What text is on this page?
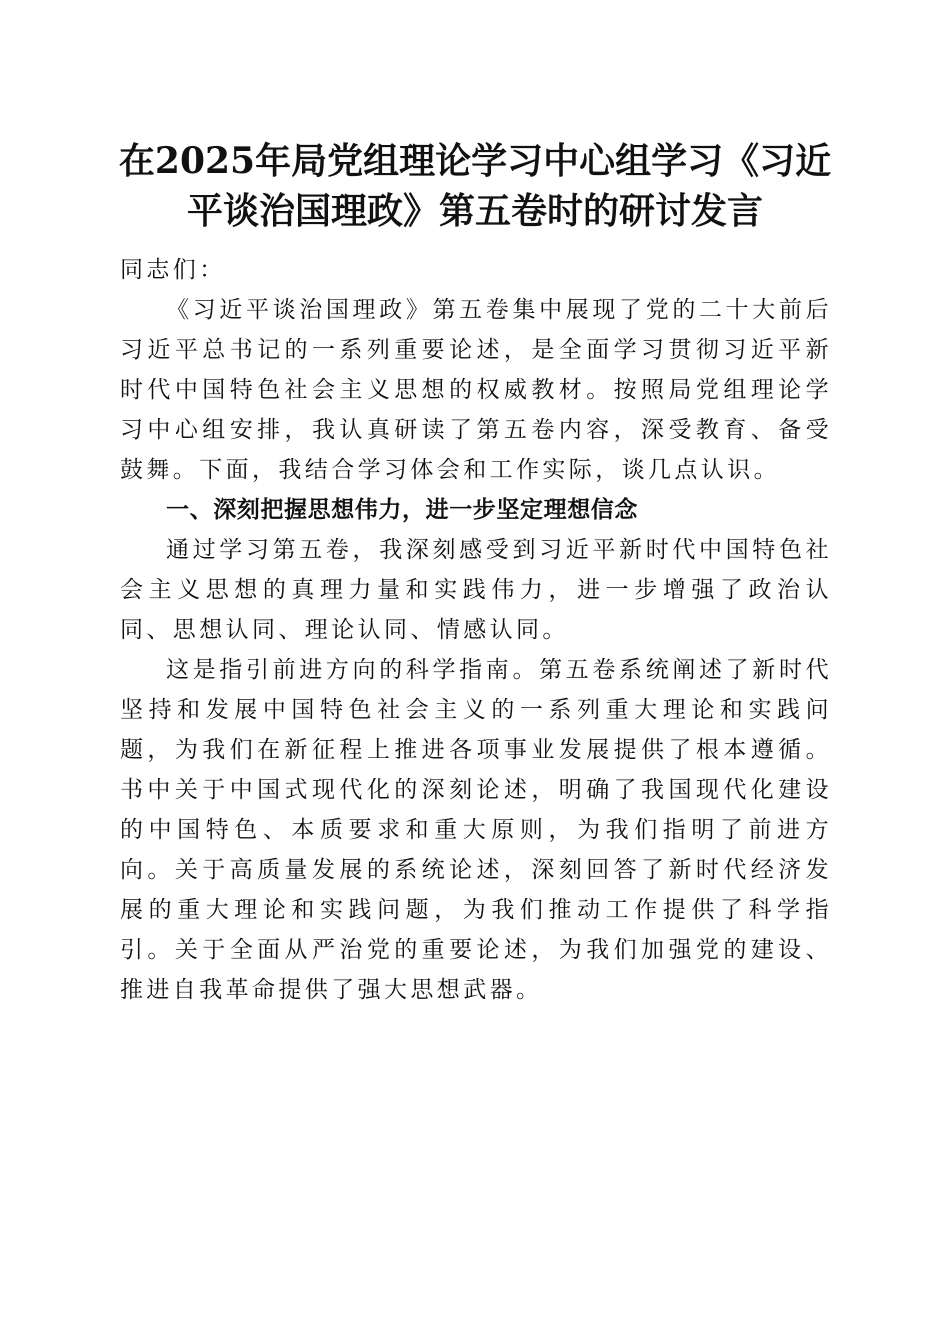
在2025年局党组理论学习中心组学习《习近
平谈治国理政》第五卷时的研讨发言

同志们：

《习近平谈治国理政》第五卷集中展现了党的二十大前后习近平总书记的一系列重要论述，是全面学习贯彻习近平新时代中国特色社会主义思想的权威教材。按照局党组理论学习中心组安排，我认真研读了第五卷内容，深受教育、备受鼓舞。下面，我结合学习体会和工作实际，谈几点认识。

一、深刻把握思想伟力，进一步坚定理想信念

通过学习第五卷，我深刻感受到习近平新时代中国特色社会主义思想的真理力量和实践伟力，进一步增强了政治认同、思想认同、理论认同、情感认同。

这是指引前进方向的科学指南。第五卷系统阐述了新时代坚持和发展中国特色社会主义的一系列重大理论和实践问题，为我们在新征程上推进各项事业发展提供了根本遵循。书中关于中国式现代化的深刻论述，明确了我国现代化建设的中国特色、本质要求和重大原则，为我们指明了前进方向。关于高质量发展的系统论述，深刻回答了新时代经济发展的重大理论和实践问题，为我们推动工作提供了科学指引。关于全面从严治党的重要论述，为我们加强党的建设、推进自我革命提供了强大思想武器。
